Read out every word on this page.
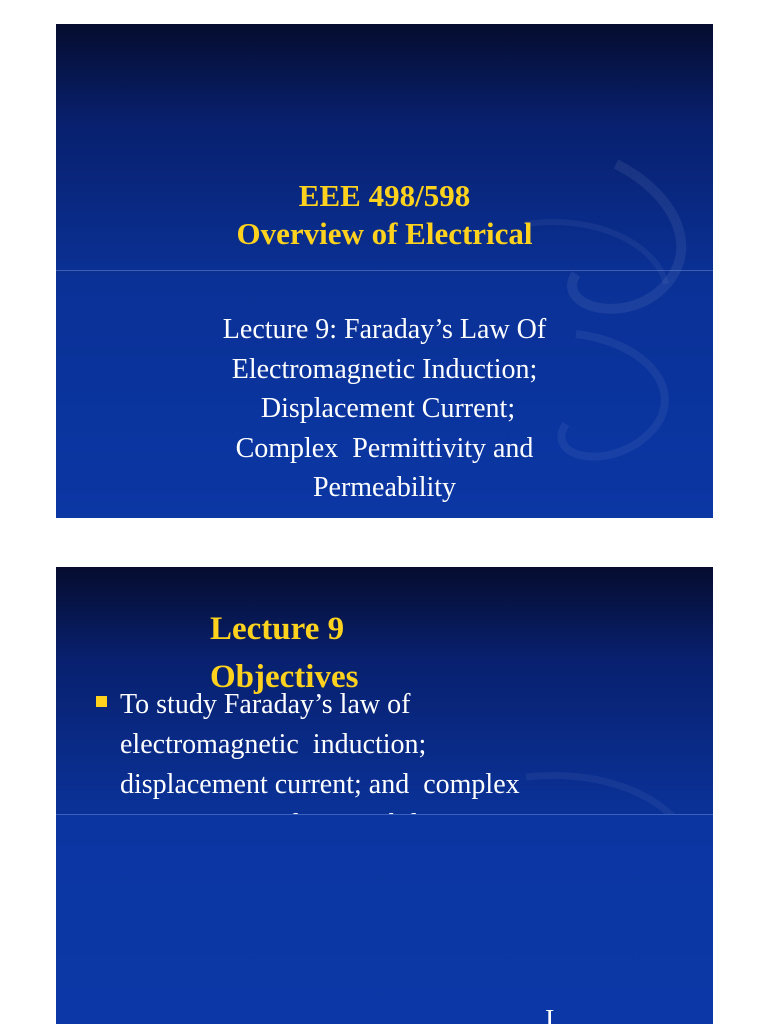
EEE 498/598
Overview of Electrical
Lecture 9: Faraday’s Law Of
Electromagnetic Induction;
Displacement Current;
Complex  Permittivity and
Permeability
Lecture 9
Objectives
To study Faraday’s law of
electromagnetic  induction;
displacement current; and  complex
I
